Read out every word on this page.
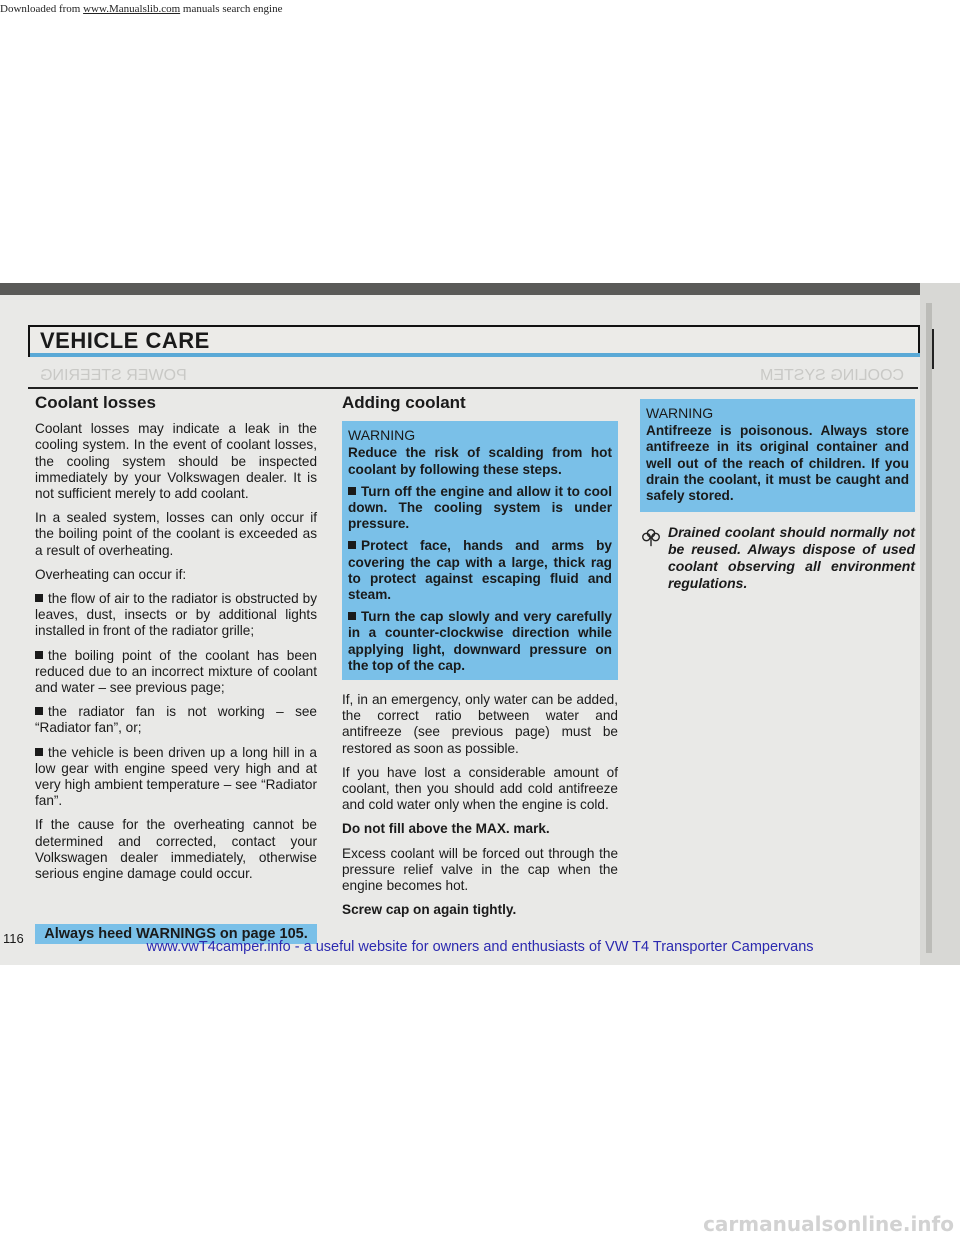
Downloaded from www.Manualslib.com manuals search engine
POWER STEERING	COOLING SYSTEM
VEHICLE CARE
Coolant losses

Coolant losses may indicate a leak in the cooling system. In the event of coolant losses, the cooling system should be inspected immediately by your Volkswagen dealer. It is not sufficient merely to add coolant.

In a sealed system, losses can only occur if the boiling point of the coolant is exceeded as a result of overheating.

Overheating can occur if:

the flow of air to the radiator is obstructed by leaves, dust, insects or by additional lights installed in front of the radiator grille;

the boiling point of the coolant has been reduced due to an incorrect mixture of coolant and water – see previous page;

the radiator fan is not working – see “Radiator fan”, or;

the vehicle is been driven up a long hill in a low gear with engine speed very high and at very high ambient temperature – see “Radiator fan”.

If the cause for the overheating cannot be determined and corrected, contact your Volkswagen dealer immediately, otherwise serious engine damage could occur.

Adding coolant
WARNING

Reduce the risk of scalding from hot coolant by following these steps.

Turn off the engine and allow it to cool down. The cooling system is under pressure.

Protect face, hands and arms by covering the cap with a large, thick rag to protect against escaping fluid and steam.

Turn the cap slowly and very carefully in a counter-clockwise direction while applying light, downward pressure on the top of the cap.

If, in an emergency, only water can be added, the correct ratio between water and antifreeze (see previous page) must be restored as soon as possible.

If you have lost a considerable amount of coolant, then you should add cold antifreeze and cold water only when the engine is cold.

Do not fill above the MAX. mark.

Excess coolant will be forced out through the pressure relief valve in the cap when the engine becomes hot.

Screw cap on again tightly.

WARNING

Antifreeze is poisonous. Always store antifreeze in its original container and well out of the reach of children. If you drain the coolant, it must be caught and safely stored.

Drained coolant should normally not be reused. Always dispose of used coolant observing all environment regulations.
116	Always heed WARNINGS on page 105.
www.vwT4camper.info - a useful website for owners and enthusiasts of VW T4 Transporter Campervans
carmanualsonline.info
